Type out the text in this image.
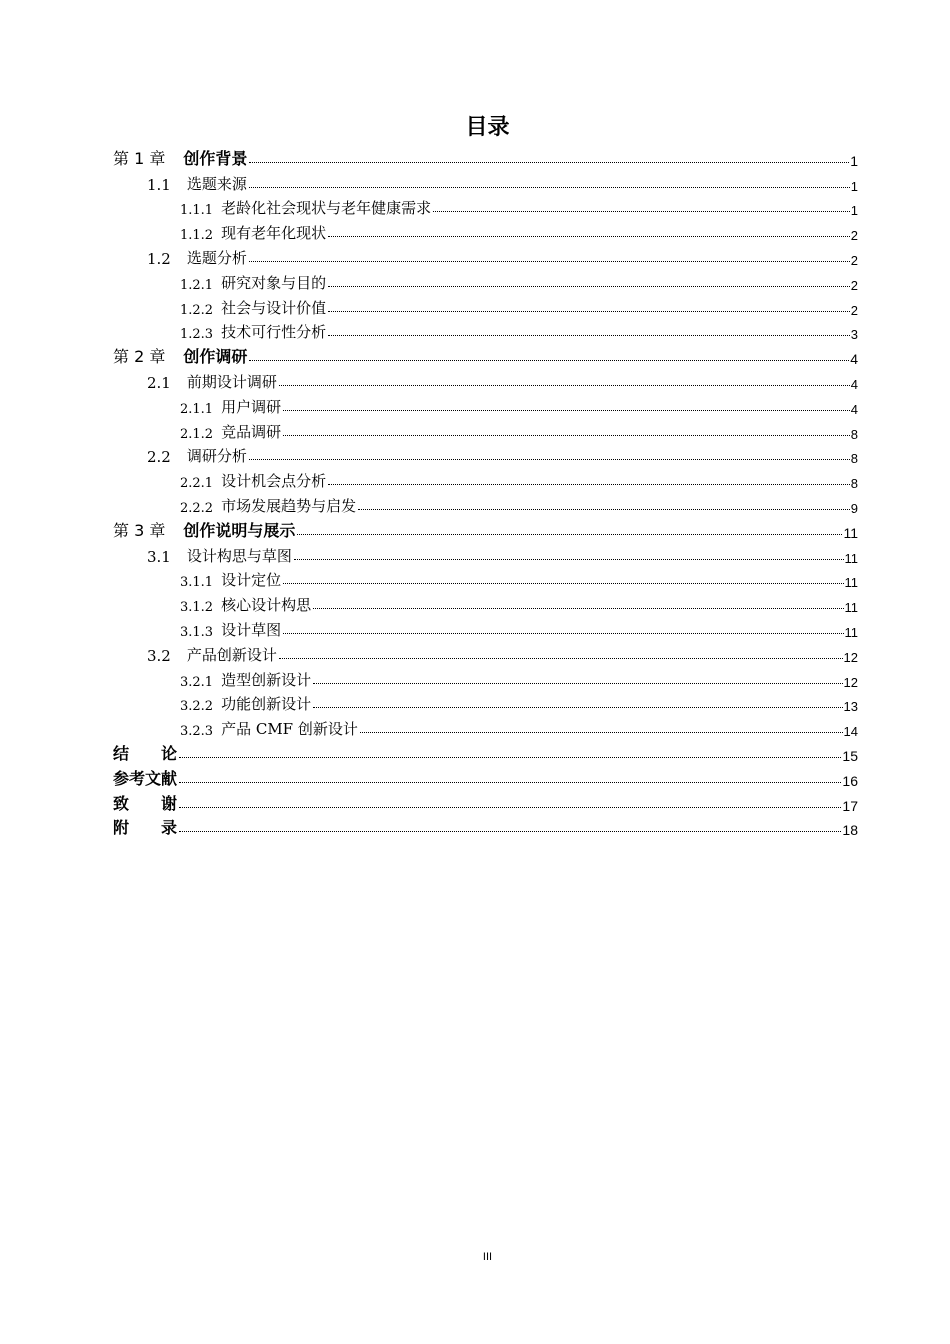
目录
第 1 章 创作背景	1
1.1 选题来源	1
1.1.1 老龄化社会现状与老年健康需求	1
1.1.2 现有老年化现状	2
1.2 选题分析	2
1.2.1 研究对象与目的	2
1.2.2 社会与设计价值	2
1.2.3 技术可行性分析	3
第 2 章 创作调研	4
2.1 前期设计调研	4
2.1.1 用户调研	4
2.1.2 竞品调研	8
2.2 调研分析	8
2.2.1 设计机会点分析	8
2.2.2 市场发展趋势与启发	9
第 3 章 创作说明与展示	11
3.1 设计构思与草图	11
3.1.1 设计定位	11
3.1.2 核心设计构思	11
3.1.3 设计草图	11
3.2 产品创新设计	12
3.2.1 造型创新设计	12
3.2.2 功能创新设计	13
3.2.3 产品 CMF 创新设计	14
结　　论	15
参考文献	16
致　　谢	17
附　　录	18
III
